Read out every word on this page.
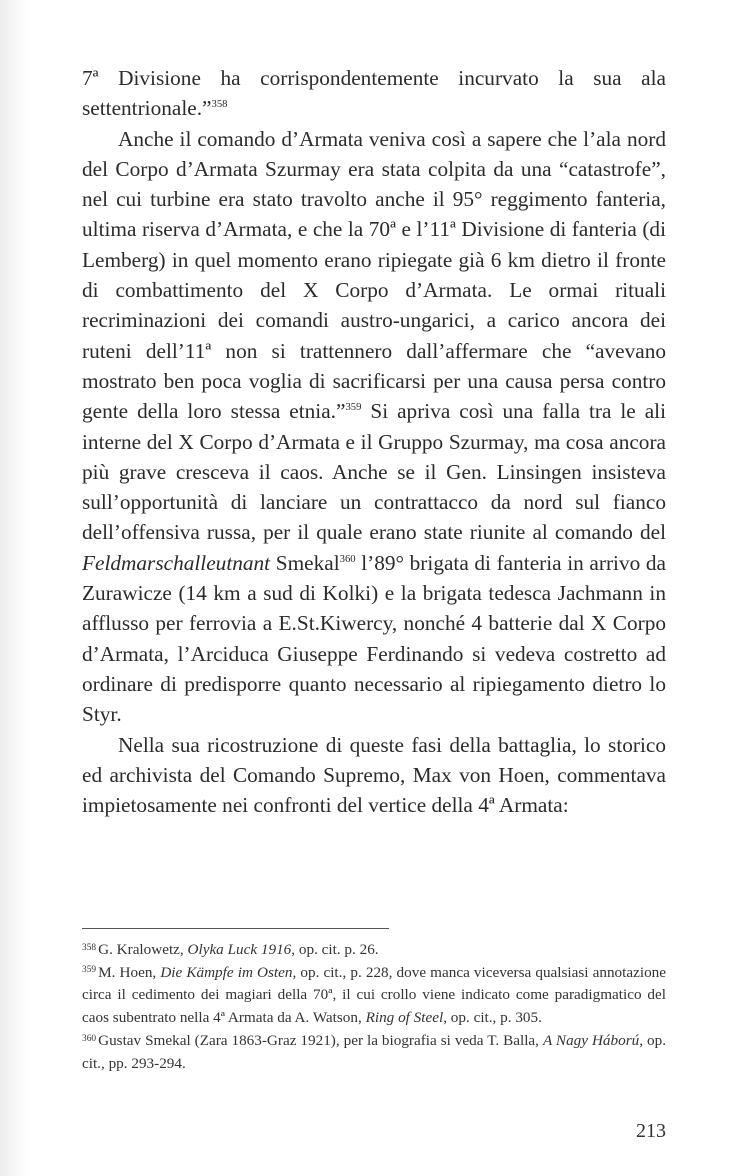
7ª Divisione ha corrispondentemente incurvato la sua ala settentrionale.”$^{358}$

Anche il comando d’Armata veniva così a sapere che l’ala nord del Corpo d’Armata Szurmay era stata colpita da una “catastrofe”, nel cui turbine era stato travolto anche il 95° reggimento fanteria, ultima riserva d’Armata, e che la 70ª e l’11ª Divisione di fanteria (di Lemberg) in quel momento erano ripiegate già 6 km dietro il fronte di combattimento del X Corpo d’Armata. Le ormai rituali recriminazioni dei comandi austro-ungarici, a carico ancora dei ruteni dell’11ª non si trattennero dall’affermare che “avevano mostrato ben poca voglia di sacrificarsi per una causa persa contro gente della loro stessa etnia.”$^{359}$ Si apriva così una falla tra le ali interne del X Corpo d’Armata e il Gruppo Szurmay, ma cosa ancora più grave cresceva il caos. Anche se il Gen. Linsingen insisteva sull’opportunità di lanciare un contrattacco da nord sul fianco dell’offensiva russa, per il quale erano state riunite al comando del Feldmarschalleutnant Smekal$^{360}$ l’89° brigata di fanteria in arrivo da Zurawicze (14 km a sud di Kolki) e la brigata tedesca Jachmann in afflusso per ferrovia a E.St.Kiwercy, nonché 4 batterie dal X Corpo d’Armata, l’Arciduca Giuseppe Ferdinando si vedeva costretto ad ordinare di predisporre quanto necessario al ripiegamento dietro lo Styr.

Nella sua ricostruzione di queste fasi della battaglia, lo storico ed archivista del Comando Supremo, Max von Hoen, commentava impietosamente nei confronti del vertice della 4ª Armata:

$^{358}$ G. Kralowetz, Olyka Luck 1916, op. cit. p. 26.

$^{359}$ M. Hoen, Die Kämpfe im Osten, op. cit., p. 228, dove manca viceversa qualsiasi annotazione circa il cedimento dei magiari della 70ª, il cui crollo viene indicato come paradigmatico del caos subentrato nella 4ª Armata da A. Watson, Ring of Steel, op. cit., p. 305.

$^{360}$ Gustav Smekal (Zara 1863-Graz 1921), per la biografia si veda T. Balla, A Nagy Háború, op. cit., pp. 293-294.

213
